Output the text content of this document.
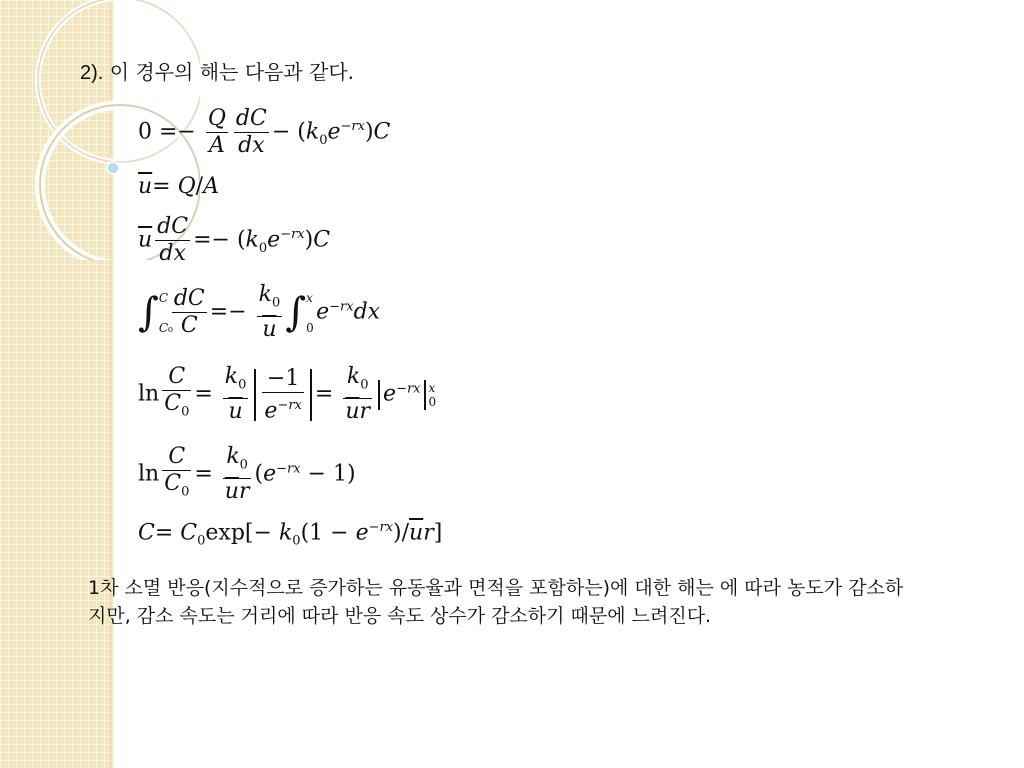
2). 이 경우의 해는 다음과 같다.
$0 =- \frac{Q}{A} \frac{dC}{dx} - (k_0e^{-rx})C$
$\overline{u}= Q/A$
$\overline{u} \frac{dC}{dx} =- (k_0e^{-rx})C$
∫C
$C_0 \frac{dC}{C} =- \frac{k_0}{u} \int x$
$0e^{-rx}dx$
$\ln \frac{C}{C_0} = \frac{k_0}{u} \frac{-1}{e^{-rx}} = \frac{k_0}{\overline{u}r} e^{-rx}$ x
0
$\ln \frac{C}{C_0} = \frac{k_0}{\overline{u}r} (e^{-rx} - 1)$
$C= C_0\exp[- k_0(1 - e^{-rx})/\overline{u}r]$
1차 소멸 반응(지수적으로 증가하는 유동율과 면적을 포함하는)에 대한 해는 에 따라 농도가 감소하지만, 감소 속도는 거리에 따라 반응 속도 상수가 감소하기 때문에 느려진다.
